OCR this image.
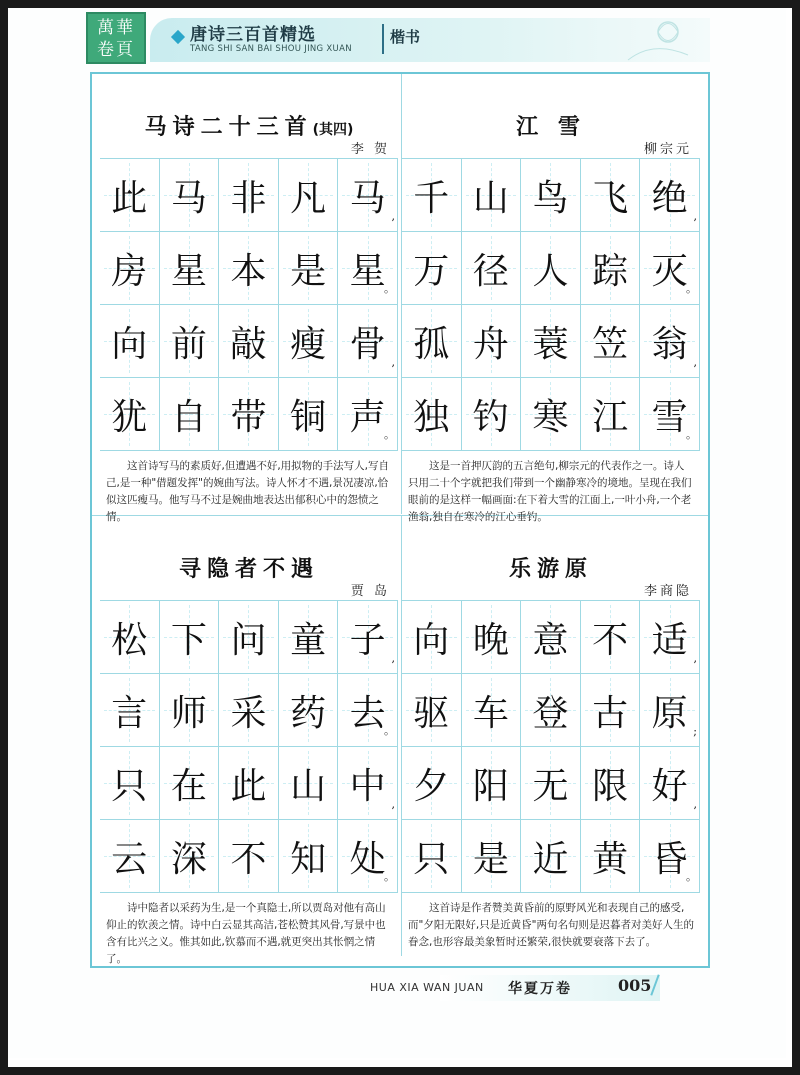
萬華
卷頁
唐诗三百首精选
TANG SHI SAN BAI SHOU JING XUAN
楷书
马诗二十三首(其四)
李 贺
此 马 非 凡 马 ,
房 星 本 是 星
。
向 前 敲 瘦 骨 ,
犹 自 带 铜 声
。
这首诗写马的素质好,但遭遇不好,用拟物的手法写人,写自己,是一种"借题发挥"的婉曲写法。诗人怀才不遇,景况凄凉,恰似这匹瘦马。他写马不过是婉曲地表达出郁积心中的怨愤之情。
江 雪
柳宗元
千 山 鸟 飞 绝 ,
万 径 人 踪 灭
。
孤 舟 蓑 笠 翁 ,
独 钓 寒 江 雪
。
这是一首押仄韵的五言绝句,柳宗元的代表作之一。诗人只用二十个字就把我们带到一个幽静寒冷的境地。呈现在我们眼前的是这样一幅画面:在下着大雪的江面上,一叶小舟,一个老渔翁,独自在寒冷的江心垂钓。
寻隐者不遇
贾 岛
松 下 问 童 子 ,
言 师 采 药 去
。
只 在 此 山 中 ,
云 深 不 知 处
。
诗中隐者以采药为生,是一个真隐士,所以贾岛对他有高山仰止的钦羡之情。诗中白云显其高洁,苍松赞其风骨,写景中也含有比兴之义。惟其如此,钦慕而不遇,就更突出其怅惘之情了。
乐游原
李商隐
向 晚 意 不 适 ,
驱 车 登 古 原 ;
夕 阳 无 限 好 ,
只 是 近 黄 昏
。
这首诗是作者赞美黄昏前的原野风光和表现自己的感受,而"夕阳无限好,只是近黄昏"两句名句则是迟暮者对美好人生的眷念,也形容最美象暂时还繁荣,很快就要衰落下去了。
HUA XIA WAN JUAN 华夏万卷	005
